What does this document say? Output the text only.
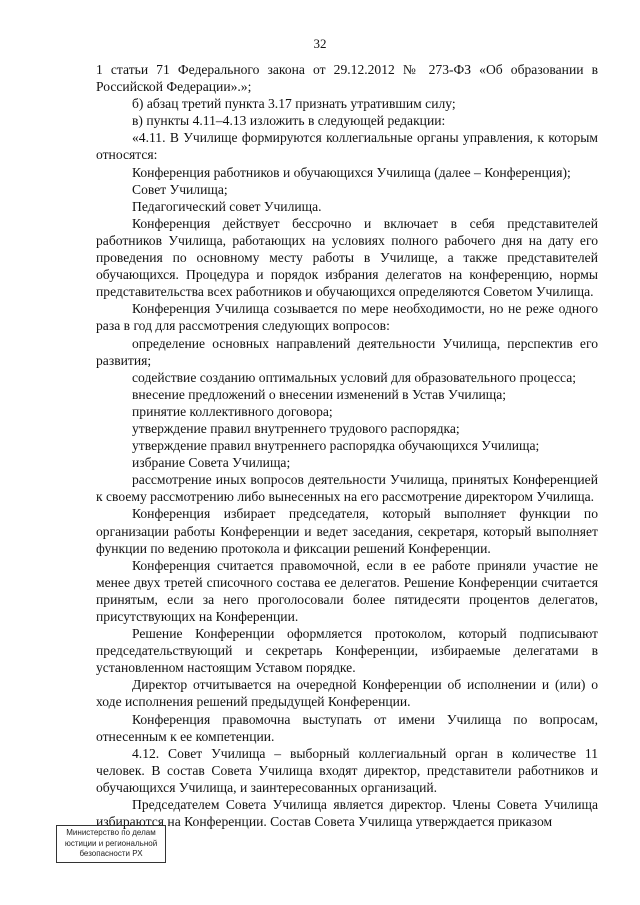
32

1 статьи 71 Федерального закона от 29.12.2012 № 273-ФЗ «Об образовании в Российской Федерации».»;

б) абзац третий пункта 3.17 признать утратившим силу;

в) пункты 4.11–4.13 изложить в следующей редакции:

«4.11. В Училище формируются коллегиальные органы управления, к которым относятся:

Конференция работников и обучающихся Училища (далее – Конференция);

Совет Училища;

Педагогический совет Училища.

Конференция действует бессрочно и включает в себя представителей работников Училища, работающих на условиях полного рабочего дня на дату его проведения по основному месту работы в Училище, а также представителей обучающихся. Процедура и порядок избрания делегатов на конференцию, нормы представительства всех работников и обучающихся определяются Советом Училища.

Конференция Училища созывается по мере необходимости, но не реже одного раза в год для рассмотрения следующих вопросов:

определение основных направлений деятельности Училища, перспектив его развития;

содействие созданию оптимальных условий для образовательного процесса;

внесение предложений о внесении изменений в Устав Училища;

принятие коллективного договора;

утверждение правил внутреннего трудового распорядка;

утверждение правил внутреннего распорядка обучающихся Училища;

избрание Совета Училища;

рассмотрение иных вопросов деятельности Училища, принятых Конференцией к своему рассмотрению либо вынесенных на его рассмотрение директором Училища.

Конференция избирает председателя, который выполняет функции по организации работы Конференции и ведет заседания, секретаря, который выполняет функции по ведению протокола и фиксации решений Конференции.

Конференция считается правомочной, если в ее работе приняли участие не менее двух третей списочного состава ее делегатов. Решение Конференции считается принятым, если за него проголосовали более пятидесяти процентов делегатов, присутствующих на Конференции.

Решение Конференции оформляется протоколом, который подписывают председательствующий и секретарь Конференции, избираемые делегатами в установленном настоящим Уставом порядке.

Директор отчитывается на очередной Конференции об исполнении и (или) о ходе исполнения решений предыдущей Конференции.

Конференция правомочна выступать от имени Училища по вопросам, отнесенным к ее компетенции.

4.12. Совет Училища – выборный коллегиальный орган в количестве 11 человек. В состав Совета Училища входят директор, представители работников и обучающихся Училища, и заинтересованных организаций.

Председателем Совета Училища является директор. Члены Совета Училища избираются на Конференции. Состав Совета Училища утверждается приказом

Министерство по делам
юстиции и региональной
безопасности РХ
